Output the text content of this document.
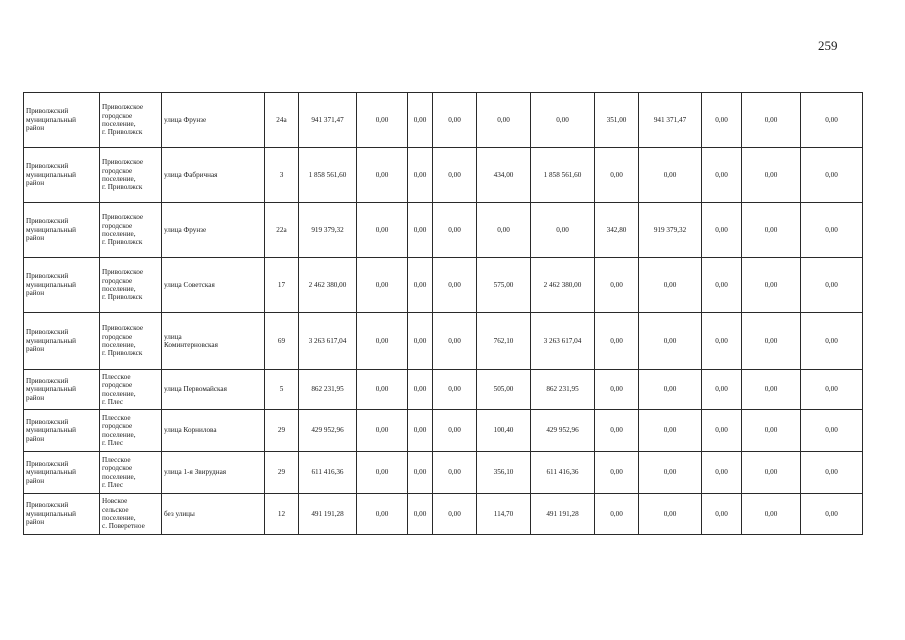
259
Приволжский
муниципальный
район	Приволжское
городское
поселение,
г. Приволжск	улица Фрунзе	24а	941 371,47	0,00	0,00	0,00	0,00	0,00	351,00	941 371,47	0,00	0,00	0,00

Приволжский
муниципальный
район	Приволжское
городское
поселение,
г. Приволжск	улица Фабричная	3	1 858 561,60	0,00	0,00	0,00	434,00	1 858 561,60	0,00	0,00	0,00	0,00	0,00

Приволжский
муниципальный
район	Приволжское
городское
поселение,
г. Приволжск	улица Фрунзе	22а	919 379,32	0,00	0,00	0,00	0,00	0,00	342,80	919 379,32	0,00	0,00	0,00

Приволжский
муниципальный
район	Приволжское
городское
поселение,
г. Приволжск	улица Советская	17	2 462 380,00	0,00	0,00	0,00	575,00	2 462 380,00	0,00	0,00	0,00	0,00	0,00

Приволжский
муниципальный
район	Приволжское
городское
поселение,
г. Приволжск	улица
Коминтерновская	69	3 263 617,04	0,00	0,00	0,00	762,10	3 263 617,04	0,00	0,00	0,00	0,00	0,00

Приволжский
муниципальный
район	Плесское
городское
поселение,
г. Плес	улица Первомайская	5	862 231,95	0,00	0,00	0,00	505,00	862 231,95	0,00	0,00	0,00	0,00	0,00

Приволжский
муниципальный
район	Плесское
городское
поселение,
г. Плес	улица Корнилова	29	429 952,96	0,00	0,00	0,00	100,40	429 952,96	0,00	0,00	0,00	0,00	0,00

Приволжский
муниципальный
район	Плесское
городское
поселение,
г. Плес	улица 1-я Звирудная	29	611 416,36	0,00	0,00	0,00	356,10	611 416,36	0,00	0,00	0,00	0,00	0,00

Приволжский
муниципальный
район	Новское
сельское
поселение,
с. Поверетное	без улицы	12	491 191,28	0,00	0,00	0,00	114,70	491 191,28	0,00	0,00	0,00	0,00	0,00
